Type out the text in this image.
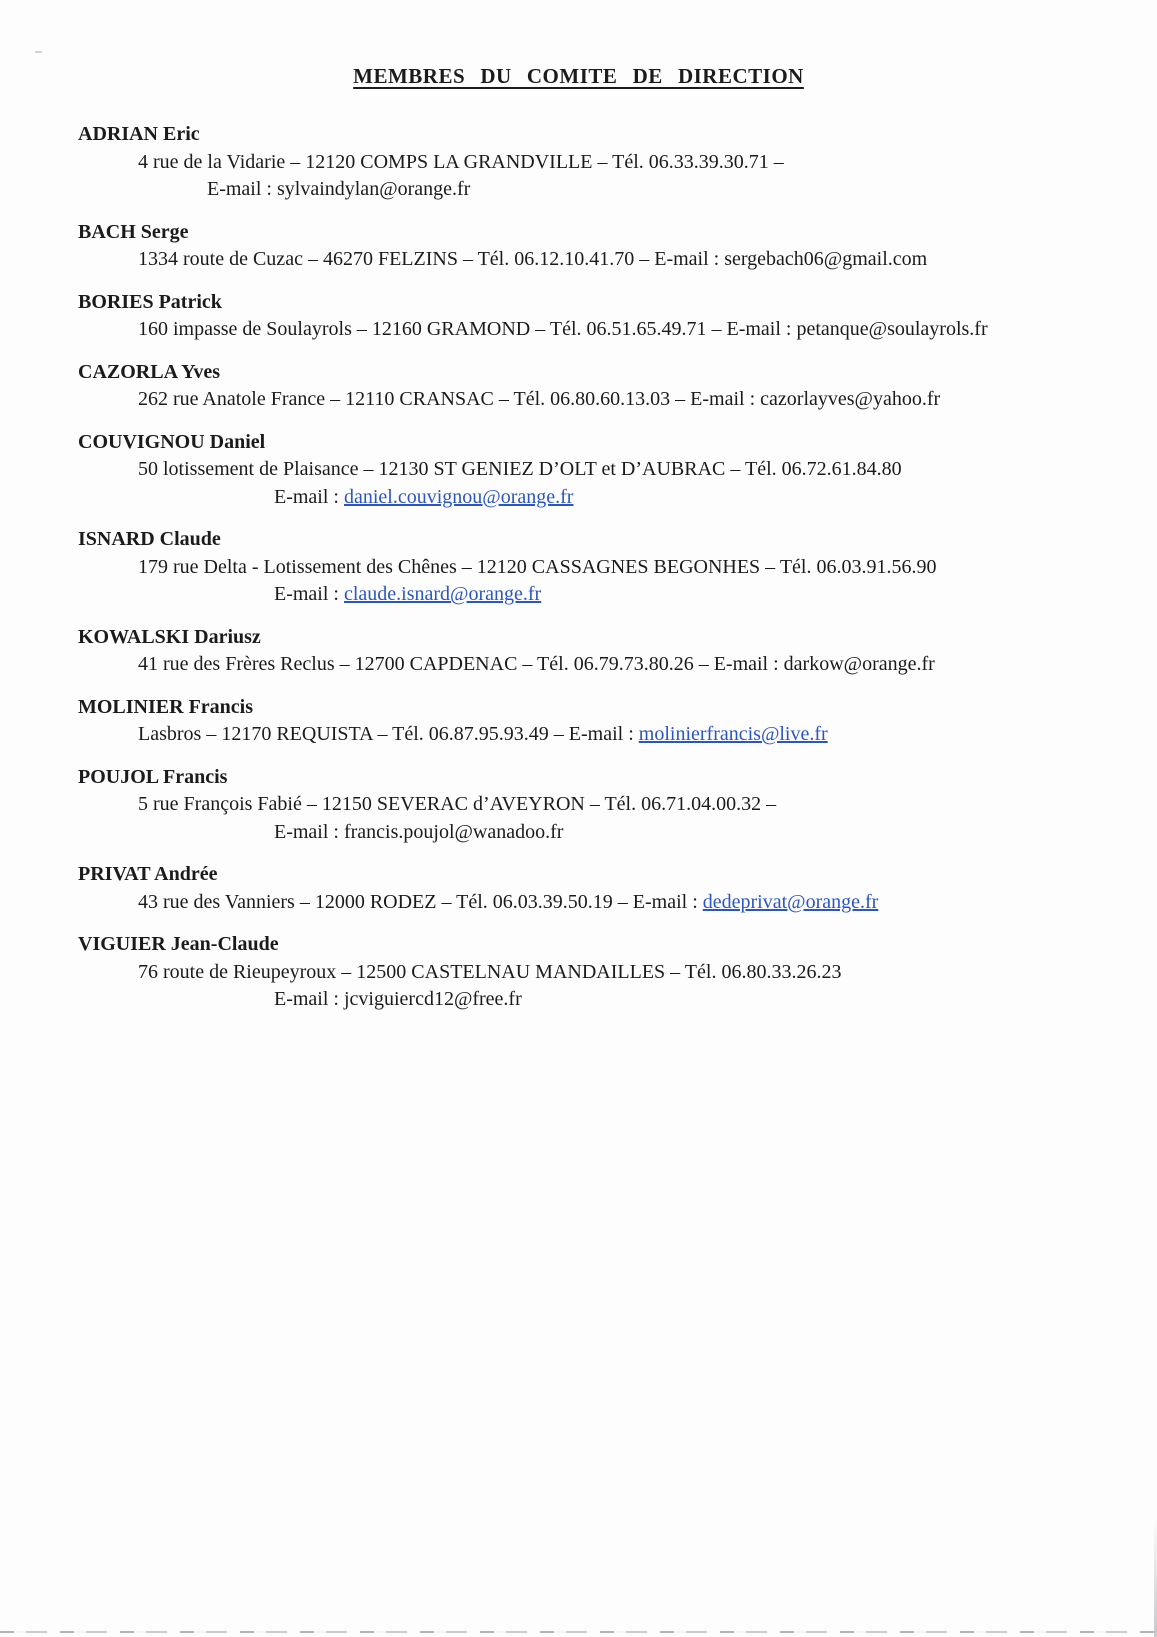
MEMBRES DU COMITE DE DIRECTION
ADRIAN Eric
4 rue de la Vidarie – 12120 COMPS LA GRANDVILLE – Tél. 06.33.39.30.71 –
E-mail : sylvaindylan@orange.fr
BACH Serge
1334 route de Cuzac – 46270 FELZINS – Tél. 06.12.10.41.70 – E-mail : sergebach06@gmail.com
BORIES Patrick
160 impasse de Soulayrols – 12160 GRAMOND – Tél. 06.51.65.49.71 – E-mail : petanque@soulayrols.fr
CAZORLA Yves
262 rue Anatole France – 12110 CRANSAC – Tél. 06.80.60.13.03 – E-mail : cazorlayves@yahoo.fr
COUVIGNOU Daniel
50 lotissement de Plaisance – 12130 ST GENIEZ D’OLT et D’AUBRAC – Tél. 06.72.61.84.80
E-mail : daniel.couvignou@orange.fr
ISNARD Claude
179 rue Delta - Lotissement des Chênes – 12120 CASSAGNES BEGONHES – Tél. 06.03.91.56.90
E-mail : claude.isnard@orange.fr
KOWALSKI Dariusz
41 rue des Frères Reclus – 12700 CAPDENAC – Tél. 06.79.73.80.26 – E-mail : darkow@orange.fr
MOLINIER Francis
Lasbros – 12170 REQUISTA – Tél. 06.87.95.93.49 – E-mail : molinierfrancis@live.fr
POUJOL Francis
5 rue François Fabié – 12150 SEVERAC d’AVEYRON – Tél. 06.71.04.00.32 –
E-mail : francis.poujol@wanadoo.fr
PRIVAT Andrée
43 rue des Vanniers – 12000 RODEZ – Tél. 06.03.39.50.19 – E-mail : dedeprivat@orange.fr
VIGUIER Jean-Claude
76 route de Rieupeyroux – 12500 CASTELNAU MANDAILLES – Tél. 06.80.33.26.23
E-mail : jcviguiercd12@free.fr
